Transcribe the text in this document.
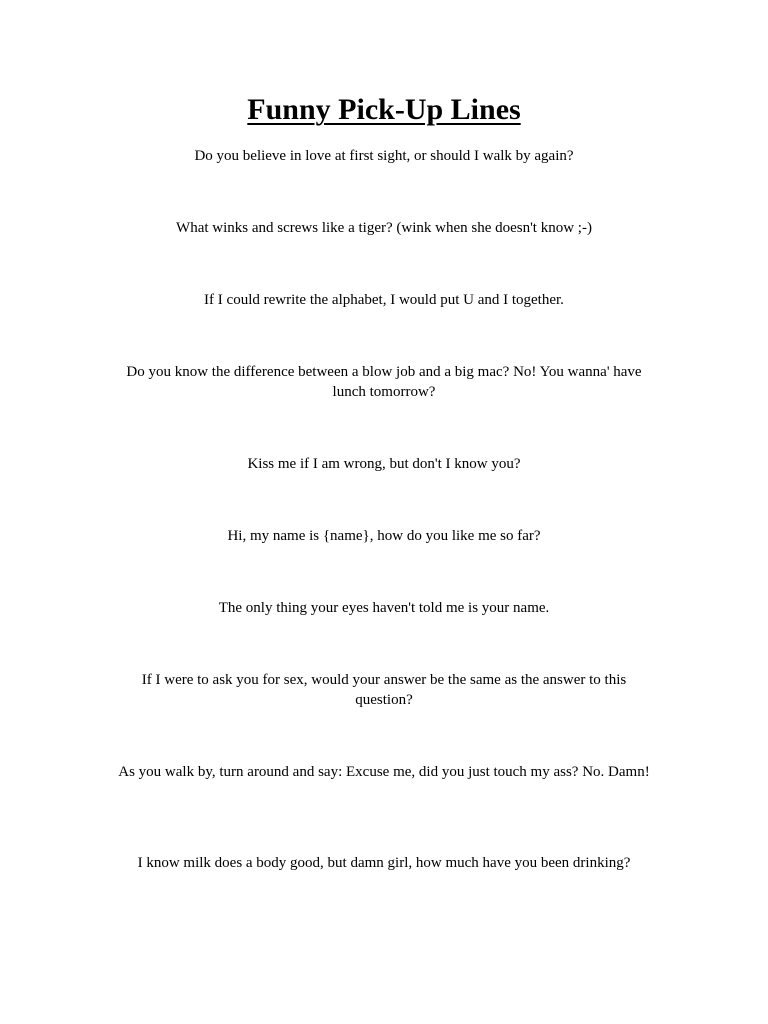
Funny Pick-Up Lines

Do you believe in love at first sight, or should I walk by again?

What winks and screws like a tiger? (wink when she doesn't know ;-)

If I could rewrite the alphabet, I would put U and I together.

Do you know the difference between a blow job and a big mac? No! You wanna' have lunch tomorrow?

Kiss me if I am wrong, but don't I know you?

Hi, my name is {name}, how do you like me so far?

The only thing your eyes haven't told me is your name.

If I were to ask you for sex, would your answer be the same as the answer to this question?

As you walk by, turn around and say: Excuse me, did you just touch my ass? No. Damn!

I know milk does a body good, but damn girl, how much have you been drinking?
